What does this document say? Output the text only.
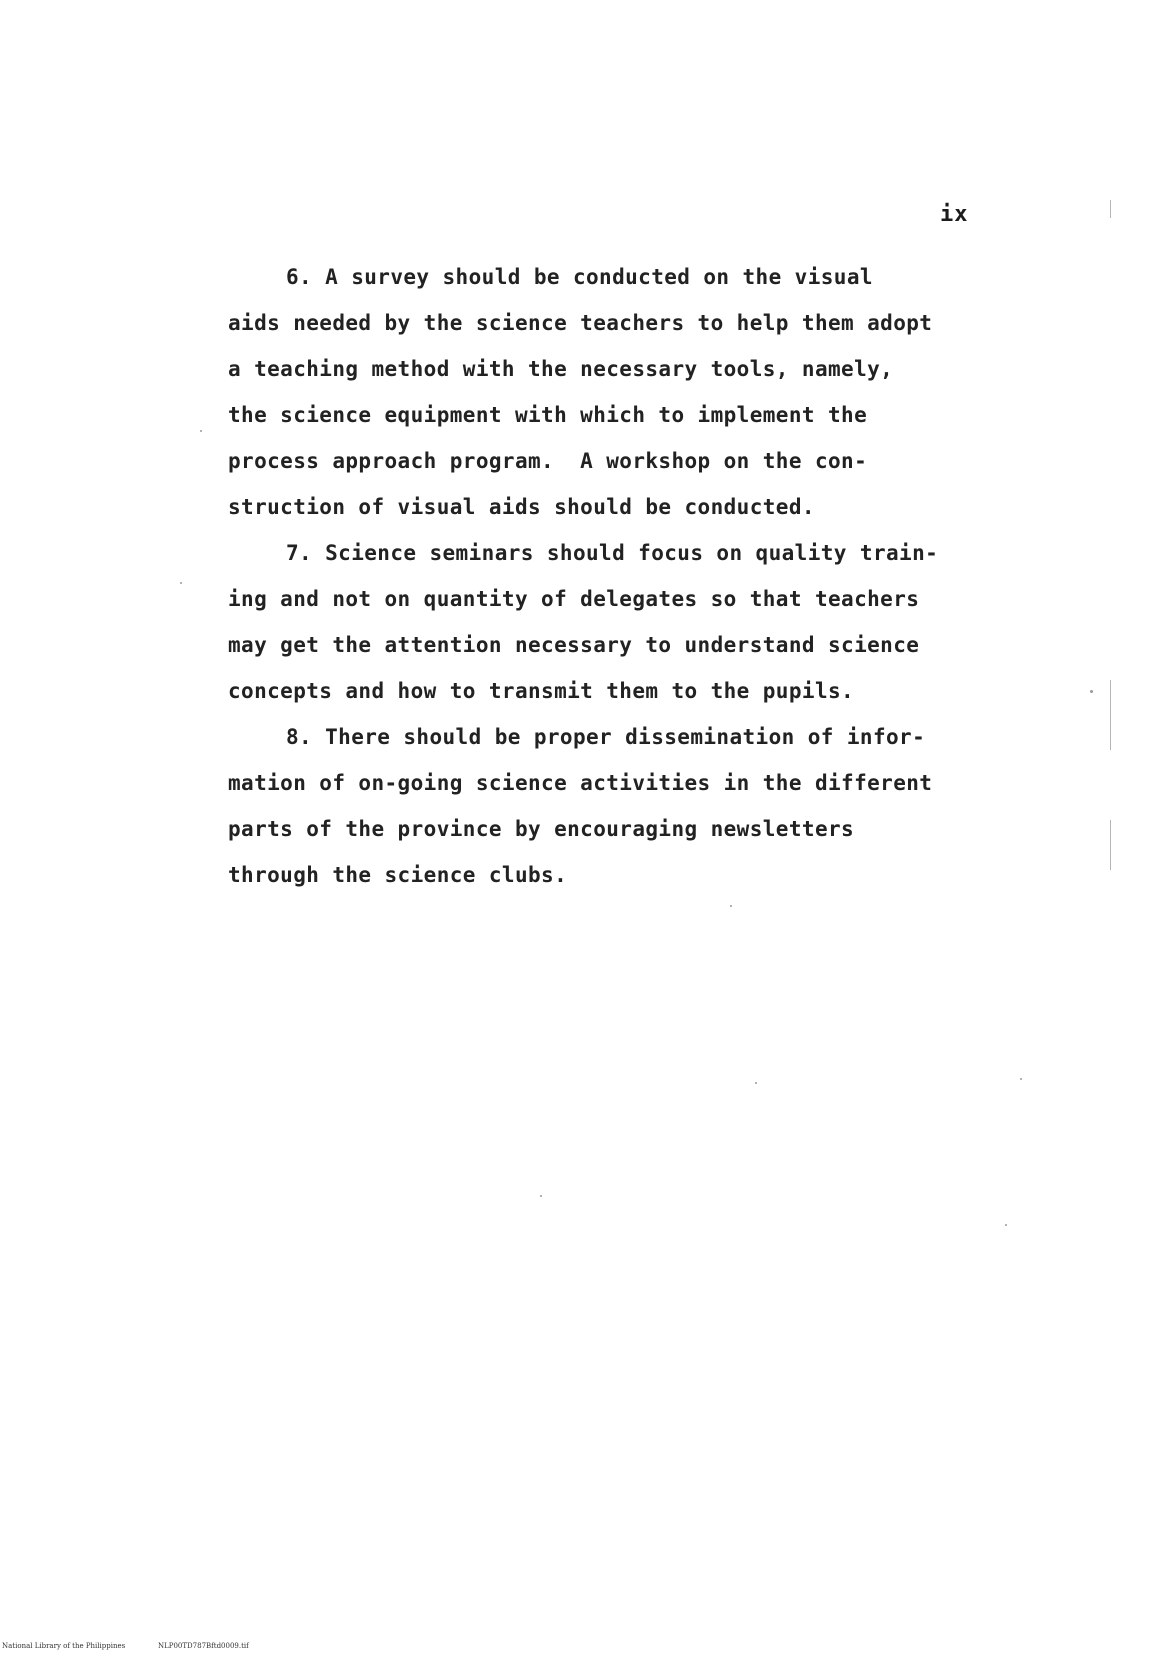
ix
6. A survey should be conducted on the visual
aids needed by the science teachers to help them adopt
a teaching method with the necessary tools, namely,
the science equipment with which to implement the
process approach program.  A workshop on the con-
struction of visual aids should be conducted.
7. Science seminars should focus on quality train-
ing and not on quantity of delegates so that teachers
may get the attention necessary to understand science
concepts and how to transmit them to the pupils.
8. There should be proper dissemination of infor-
mation of on-going science activities in the different
parts of the province by encouraging newsletters
through the science clubs.
National Library of the Philippines	NLP00TD787Bftd0009.tif
